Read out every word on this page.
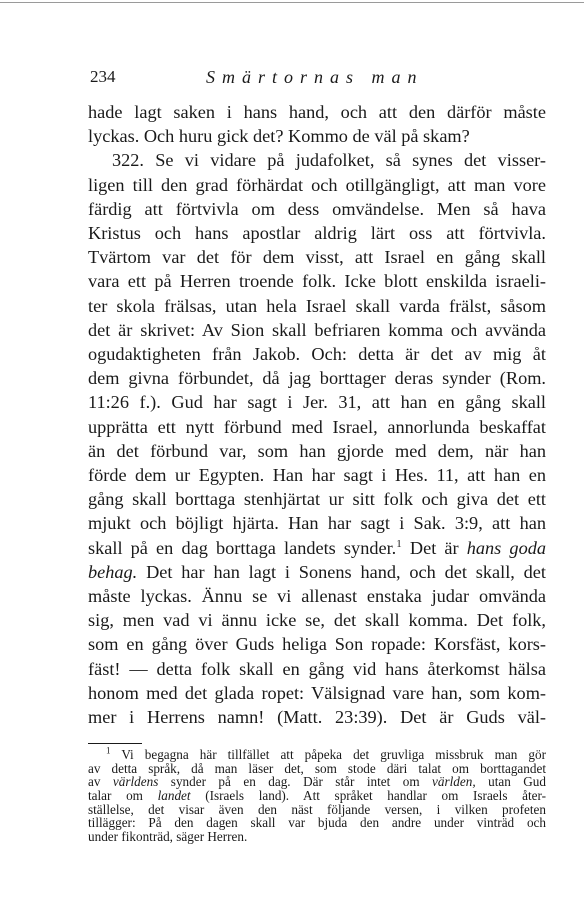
234	Smärtornas man
hade lagt saken i hans hand, och att den därför måste
lyckas. Och huru gick det? Kommo de väl på skam?
322. Se vi vidare på judafolket, så synes det visser-
ligen till den grad förhärdat och otillgängligt, att man vore
färdig att förtvivla om dess omvändelse. Men så hava
Kristus och hans apostlar aldrig lärt oss att förtvivla.
Tvärtom var det för dem visst, att Israel en gång skall
vara ett på Herren troende folk. Icke blott enskilda israeli-
ter skola frälsas, utan hela Israel skall varda frälst, såsom
det är skrivet: Av Sion skall befriaren komma och avvända
ogudaktigheten från Jakob. Och: detta är det av mig åt
dem givna förbundet, då jag borttager deras synder (Rom.
11:26 f.). Gud har sagt i Jer. 31, att han en gång skall
upprätta ett nytt förbund med Israel, annorlunda beskaffat
än det förbund var, som han gjorde med dem, när han
förde dem ur Egypten. Han har sagt i Hes. 11, att han en
gång skall borttaga stenhjärtat ur sitt folk och giva det ett
mjukt och böjligt hjärta. Han har sagt i Sak. 3:9, att han
skall på en dag borttaga landets synder.$^1$ Det är hans goda
behag. Det har han lagt i Sonens hand, och det skall, det
måste lyckas. Ännu se vi allenast enstaka judar omvända
sig, men vad vi ännu icke se, det skall komma. Det folk,
som en gång över Guds heliga Son ropade: Korsfäst, kors-
fäst! — detta folk skall en gång vid hans återkomst hälsa
honom med det glada ropet: Välsignad vare han, som kom-
mer i Herrens namn! (Matt. 23:39). Det är Guds väl-
$^1$ Vi begagna här tillfället att påpeka det gruvliga missbruk man gör
av detta språk, då man läser det, som stode däri talat om borttagandet
av världens synder på en dag. Där står intet om världen, utan Gud
talar om landet (Israels land). Att språket handlar om Israels åter-
ställelse, det visar även den näst följande versen, i vilken profeten
tillägger: På den dagen skall var bjuda den andre under vinträd och
under fikonträd, säger Herren.
